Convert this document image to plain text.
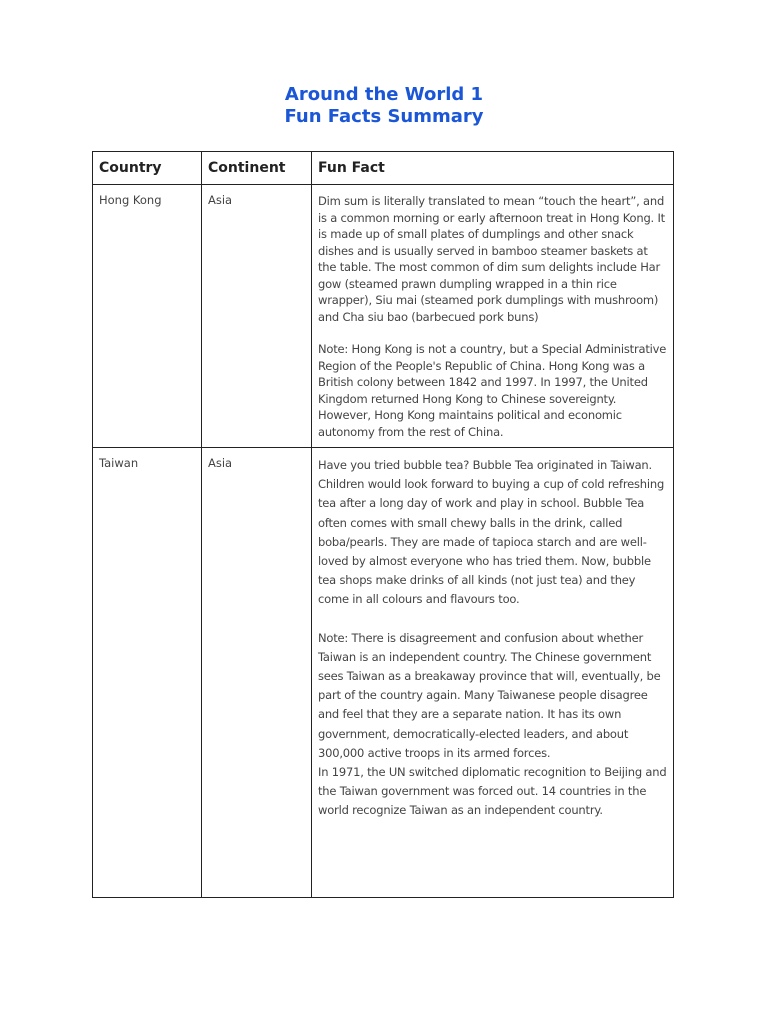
Around the World 1
Fun Facts Summary
Country	Continent	Fun Fact
Hong Kong	Asia	Dim sum is literally translated to mean “touch the heart”, and is a common morning or early afternoon treat in Hong Kong. It is made up of small plates of dumplings and other snack dishes and is usually served in bamboo steamer baskets at the table. The most common of dim sum delights include Har gow (steamed prawn dumpling wrapped in a thin rice wrapper), Siu mai (steamed pork dumplings with mushroom) and Cha siu bao (barbecued pork buns)

Note: Hong Kong is not a country, but a Special Administrative Region of the People's Republic of China. Hong Kong was a British colony between 1842 and 1997. In 1997, the United Kingdom returned Hong Kong to Chinese sovereignty. However, Hong Kong maintains political and economic autonomy from the rest of China.

Taiwan	Asia	Have you tried bubble tea? Bubble Tea originated in Taiwan. Children would look forward to buying a cup of cold refreshing tea after a long day of work and play in school. Bubble Tea often comes with small chewy balls in the drink, called boba/pearls. They are made of tapioca starch and are well-loved by almost everyone who has tried them. Now, bubble tea shops make drinks of all kinds (not just tea) and they come in all colours and flavours too.

Note: There is disagreement and confusion about whether Taiwan is an independent country. The Chinese government sees Taiwan as a breakaway province that will, eventually, be part of the country again. Many Taiwanese people disagree and feel that they are a separate nation. It has its own government, democratically-elected leaders, and about 300,000 active troops in its armed forces.

In 1971, the UN switched diplomatic recognition to Beijing and the Taiwan government was forced out. 14 countries in the world recognize Taiwan as an independent country.
